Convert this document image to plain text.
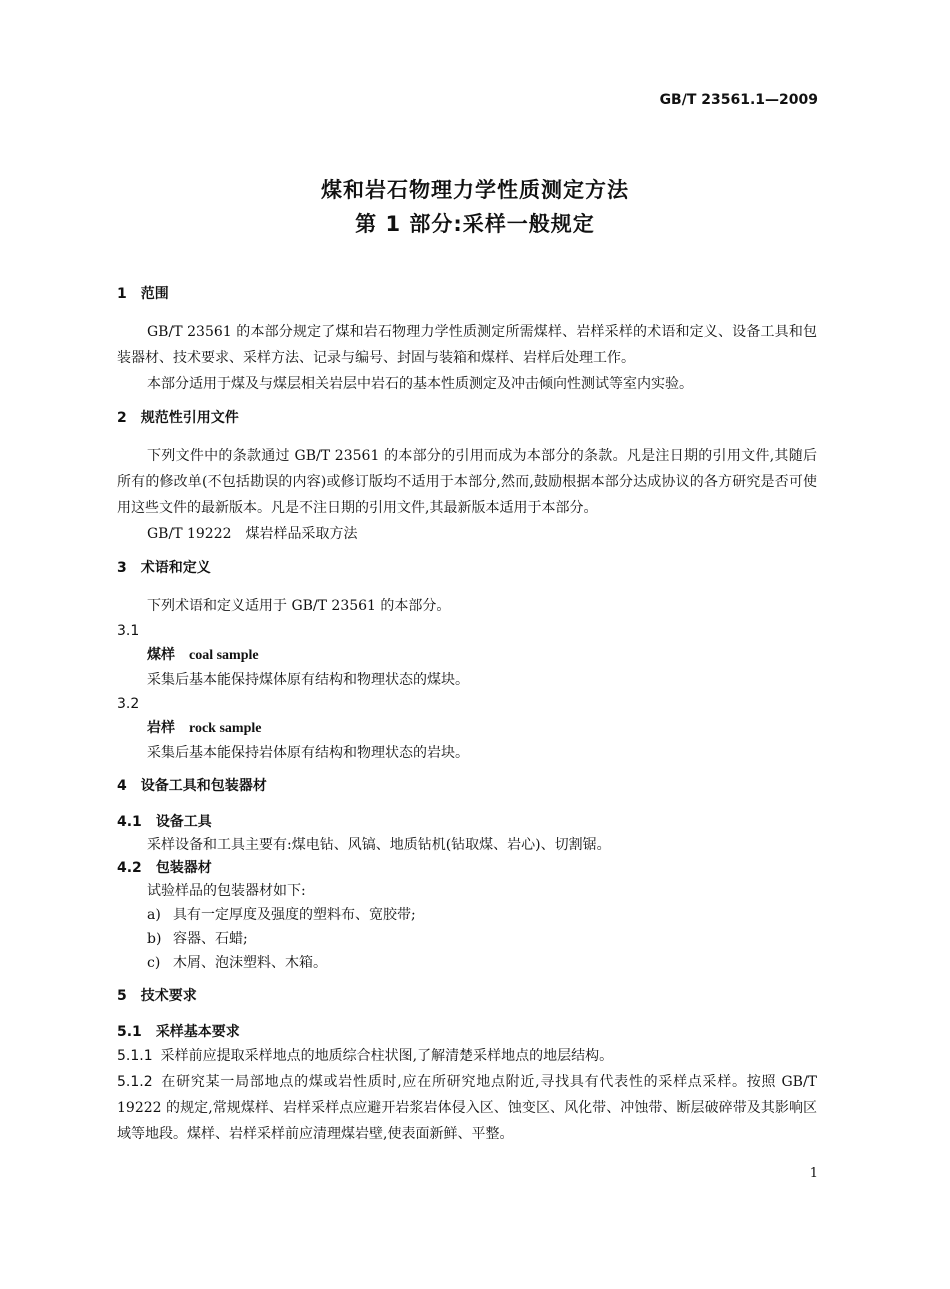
GB/T 23561.1—2009
煤和岩石物理力学性质测定方法
第 1 部分:采样一般规定
1 范围

GB/T 23561 的本部分规定了煤和岩石物理力学性质测定所需煤样、岩样采样的术语和定义、设备工具和包装器材、技术要求、采样方法、记录与编号、封固与装箱和煤样、岩样后处理工作。

本部分适用于煤及与煤层相关岩层中岩石的基本性质测定及冲击倾向性测试等室内实验。

2 规范性引用文件

下列文件中的条款通过 GB/T 23561 的本部分的引用而成为本部分的条款。凡是注日期的引用文件,其随后所有的修改单(不包括勘误的内容)或修订版均不适用于本部分,然而,鼓励根据本部分达成协议的各方研究是否可使用这些文件的最新版本。凡是不注日期的引用文件,其最新版本适用于本部分。

GB/T 19222　煤岩样品采取方法

3 术语和定义

下列术语和定义适用于 GB/T 23561 的本部分。

3.1

煤样 coal sample

采集后基本能保持煤体原有结构和物理状态的煤块。

3.2

岩样 rock sample

采集后基本能保持岩体原有结构和物理状态的岩块。

4 设备工具和包装器材
4.1 设备工具

采样设备和工具主要有:煤电钻、风镐、地质钻机(钻取煤、岩心)、切割锯。

4.2 包装器材

试验样品的包装器材如下:

a) 具有一定厚度及强度的塑料布、宽胶带;

b) 容器、石蜡;

c) 木屑、泡沫塑料、木箱。

5 技术要求
5.1 采样基本要求

5.1.1 采样前应提取采样地点的地质综合柱状图,了解清楚采样地点的地层结构。

5.1.2 在研究某一局部地点的煤或岩性质时,应在所研究地点附近,寻找具有代表性的采样点采样。按照 GB/T 19222 的规定,常规煤样、岩样采样点应避开岩浆岩体侵入区、蚀变区、风化带、冲蚀带、断层破碎带及其影响区域等地段。煤样、岩样采样前应清理煤岩壁,使表面新鲜、平整。

1
